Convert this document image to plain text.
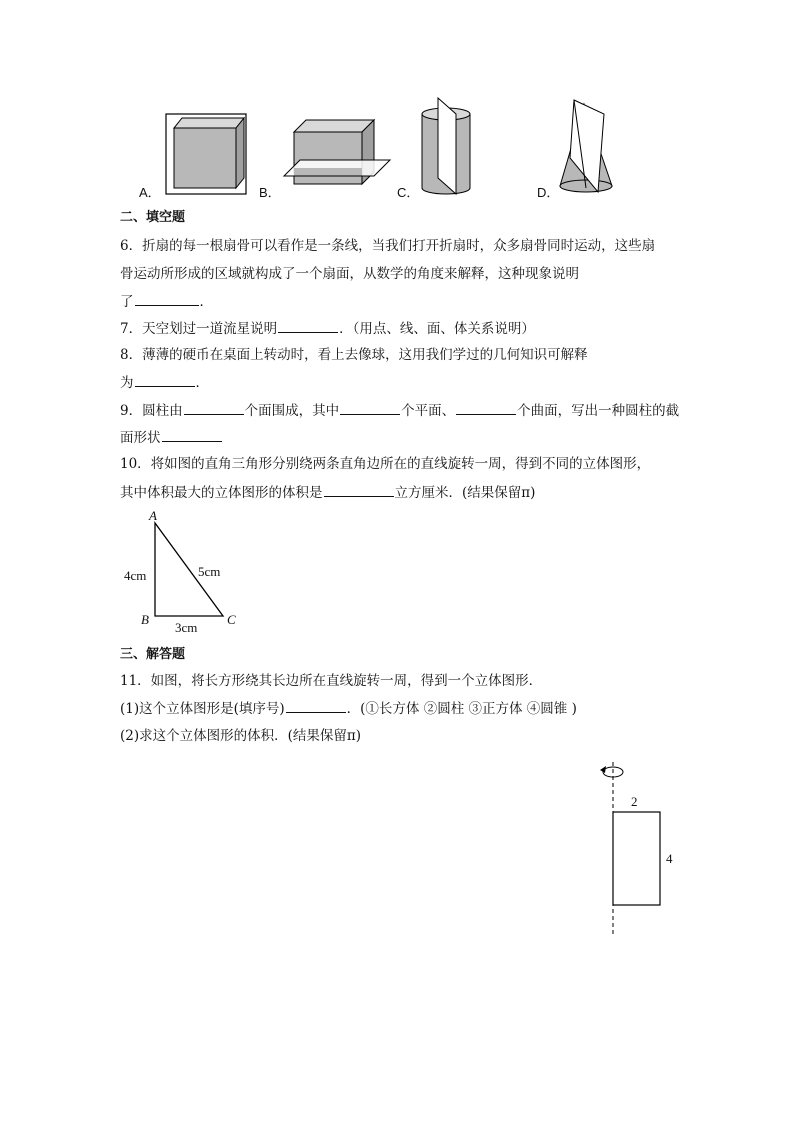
A．	B．	C．	D．
二、填空题
6．折扇的每一根扇骨可以看作是一条线，当我们打开折扇时，众多扇骨同时运动，这些扇
骨运动所形成的区域就构成了一个扇面，从数学的角度来解释，这种现象说明
了	．
7．天空划过一道流星说明	．（用点、线、面、体关系说明）
8．薄薄的硬币在桌面上转动时，看上去像球，这用我们学过的几何知识可解释
为	．
9．圆柱由	个面围成，其中	个平面、	个曲面，写出一种圆柱的截
面形状
10．将如图的直角三角形分别绕两条直角边所在的直线旋转一周，得到不同的立体图形，
其中体积最大的立体图形的体积是	立方厘米．(结果保留π)
A
B	C
4cm	5cm
3cm
三、解答题
11．如图，将长方形绕其长边所在直线旋转一周，得到一个立体图形．
(1)这个立体图形是(填序号)	．(①长方体 ②圆柱 ③正方体 ④圆锥 )
(2)求这个立体图形的体积．(结果保留π)
2
4
